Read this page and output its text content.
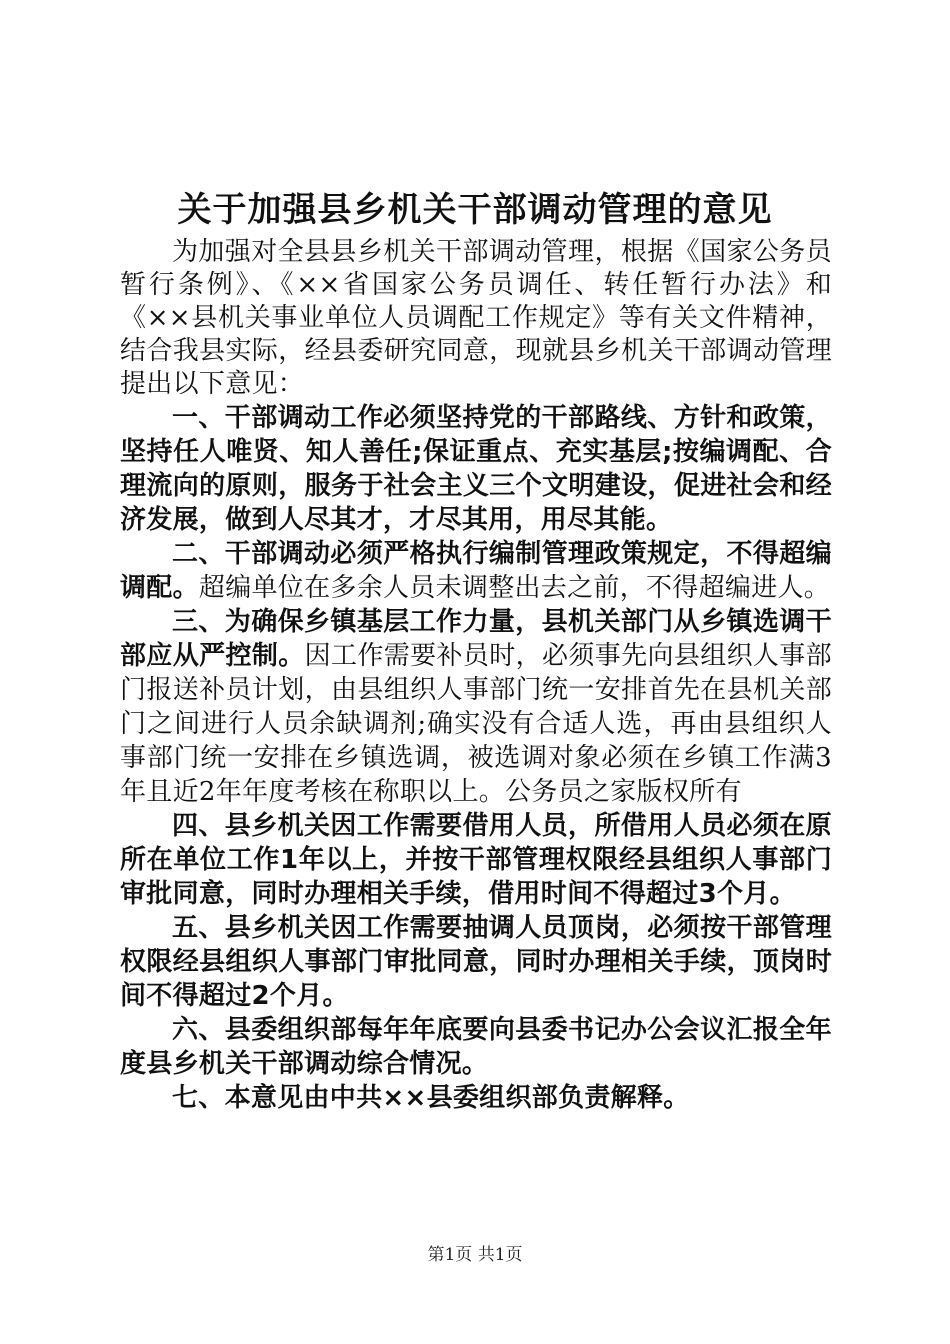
关于加强县乡机关干部调动管理的意见

为加强对全县县乡机关干部调动管理，根据《国家公务员暂行条例》、《××省国家公务员调任、转任暂行办法》和《××县机关事业单位人员调配工作规定》等有关文件精神，结合我县实际，经县委研究同意，现就县乡机关干部调动管理提出以下意见：

一、干部调动工作必须坚持党的干部路线、方针和政策，坚持任人唯贤、知人善任;保证重点、充实基层;按编调配、合理流向的原则，服务于社会主义三个文明建设，促进社会和经济发展，做到人尽其才，才尽其用，用尽其能。

二、干部调动必须严格执行编制管理政策规定，不得超编调配。超编单位在多余人员未调整出去之前，不得超编进人。

三、为确保乡镇基层工作力量，县机关部门从乡镇选调干部应从严控制。因工作需要补员时，必须事先向县组织人事部门报送补员计划，由县组织人事部门统一安排首先在县机关部门之间进行人员余缺调剂;确实没有合适人选，再由县组织人事部门统一安排在乡镇选调，被选调对象必须在乡镇工作满3年且近2年年度考核在称职以上。公务员之家版权所有

四、县乡机关因工作需要借用人员，所借用人员必须在原所在单位工作1年以上，并按干部管理权限经县组织人事部门审批同意，同时办理相关手续，借用时间不得超过3个月。

五、县乡机关因工作需要抽调人员顶岗，必须按干部管理权限经县组织人事部门审批同意，同时办理相关手续，顶岗时间不得超过2个月。

六、县委组织部每年年底要向县委书记办公会议汇报全年度县乡机关干部调动综合情况。

七、本意见由中共××县委组织部负责解释。

第1页 共1页
